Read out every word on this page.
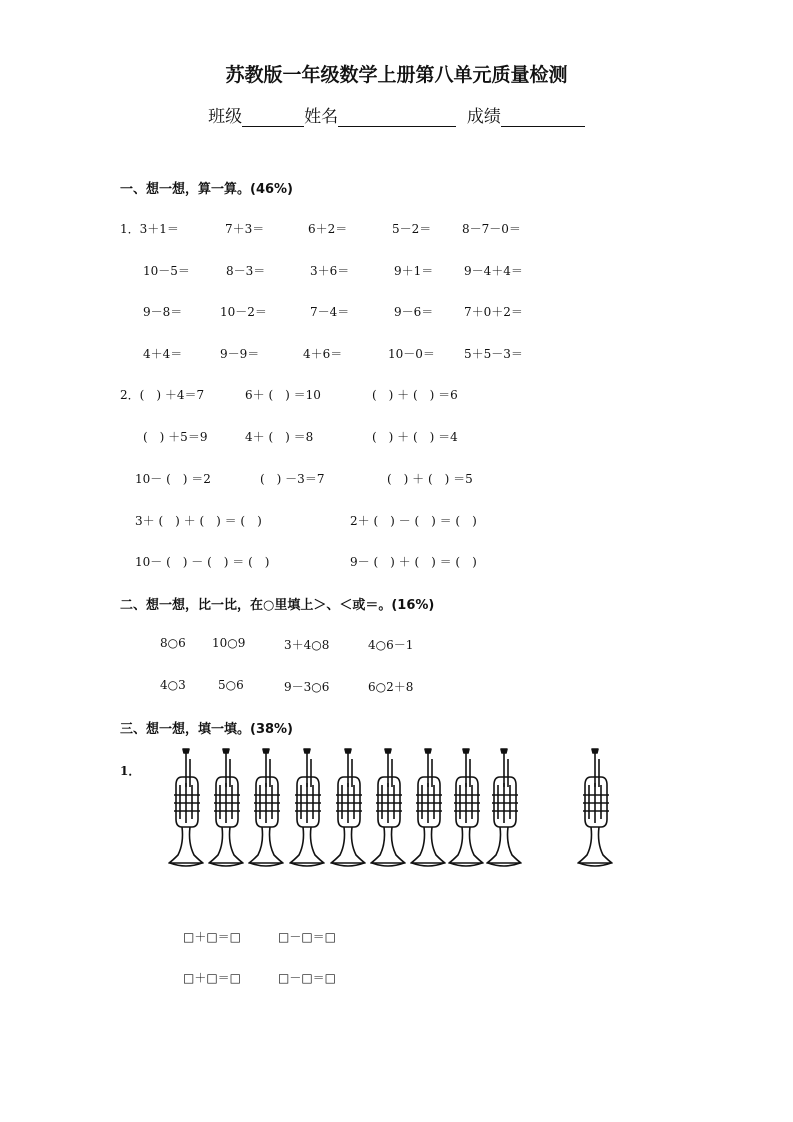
苏教版一年级数学上册第八单元质量检测
班级	姓名	成绩
一、想一想，算一算。(46%)
1．3＋1＝	7＋3＝	6＋2＝	5－2＝	8－7－0＝
10－5＝	8－3＝	3＋6＝	9＋1＝	9－4＋4＝
9－8＝	10－2＝	7－4＝	9－6＝	7＋0＋2＝
4＋4＝	9－9＝	4＋6＝	10－0＝ 5＋5－3＝
2．(　) ＋4＝7	6＋ (　) ＝10	(　) ＋ (　) ＝6
(　) ＋5＝9	4＋ (　) ＝8	(　) ＋ (　) ＝4
10－ (　) ＝2	(　) －3＝7	(　) ＋ (　) ＝5
3＋ (　) ＋ (　) ＝ (　)	2＋ (　) － (　) ＝ (　)
10－ (　) － (　) ＝ (　)	9－ (　) ＋ (　) ＝ (　)
二、想一想，比一比，在○里填上＞、＜或＝。(16%)
8○6 10○9	3＋4○8	4○6－1
4○3	5○6	9－3○6	6○2＋8
三、想一想，填一填。(38%)
1．
□＋□＝□	□－□＝□
□＋□＝□	□－□＝□
